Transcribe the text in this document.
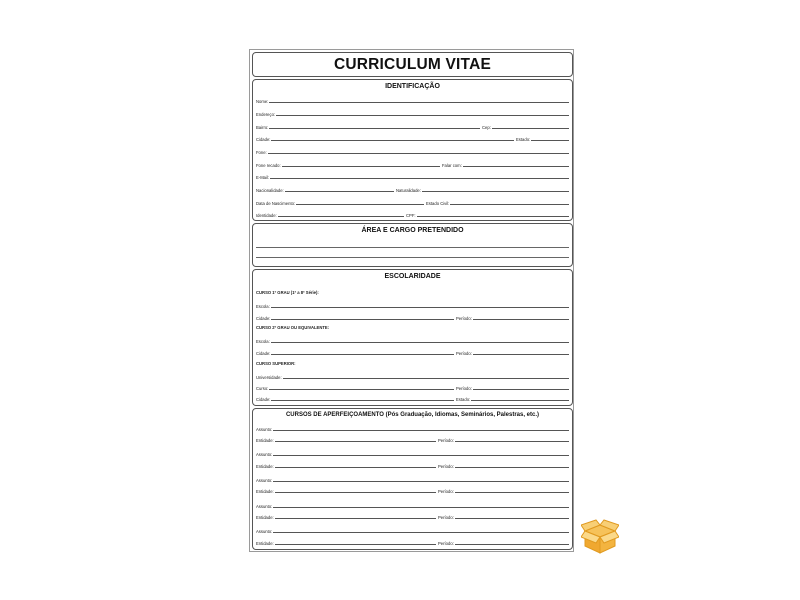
CURRICULUM VITAE
IDENTIFICAÇÃO
Nome:
Endereço:
Bairro:	Cep:
Cidade:	Estado:
Fone:
Fone recado:	Falar com:
E-Mail:
Nacionalidade:	Naturalidade:
Data de Nascimento:	Estado Civil:
Identidade:	CPF:
ÁREA E CARGO PRETENDIDO
ESCOLARIDADE
CURSO 1º GRAU (1ª a 8ª Série):
Escola:
Cidade:	Período:
CURSO 2º GRAU OU EQUIVALENTE:
Escola:
Cidade:	Período:
CURSO SUPERIOR:
Universidade:
Curso:	Período:
Cidade:	Estado:
CURSOS DE APERFEIÇOAMENTO (Pós Graduação, Idiomas, Seminários, Palestras, etc.)
Assunto:
Entidade:	Período:
Assunto:
Entidade:	Período:
Assunto:
Entidade:	Período:
Assunto:
Entidade:	Período:
Assunto:
Entidade:	Período:
